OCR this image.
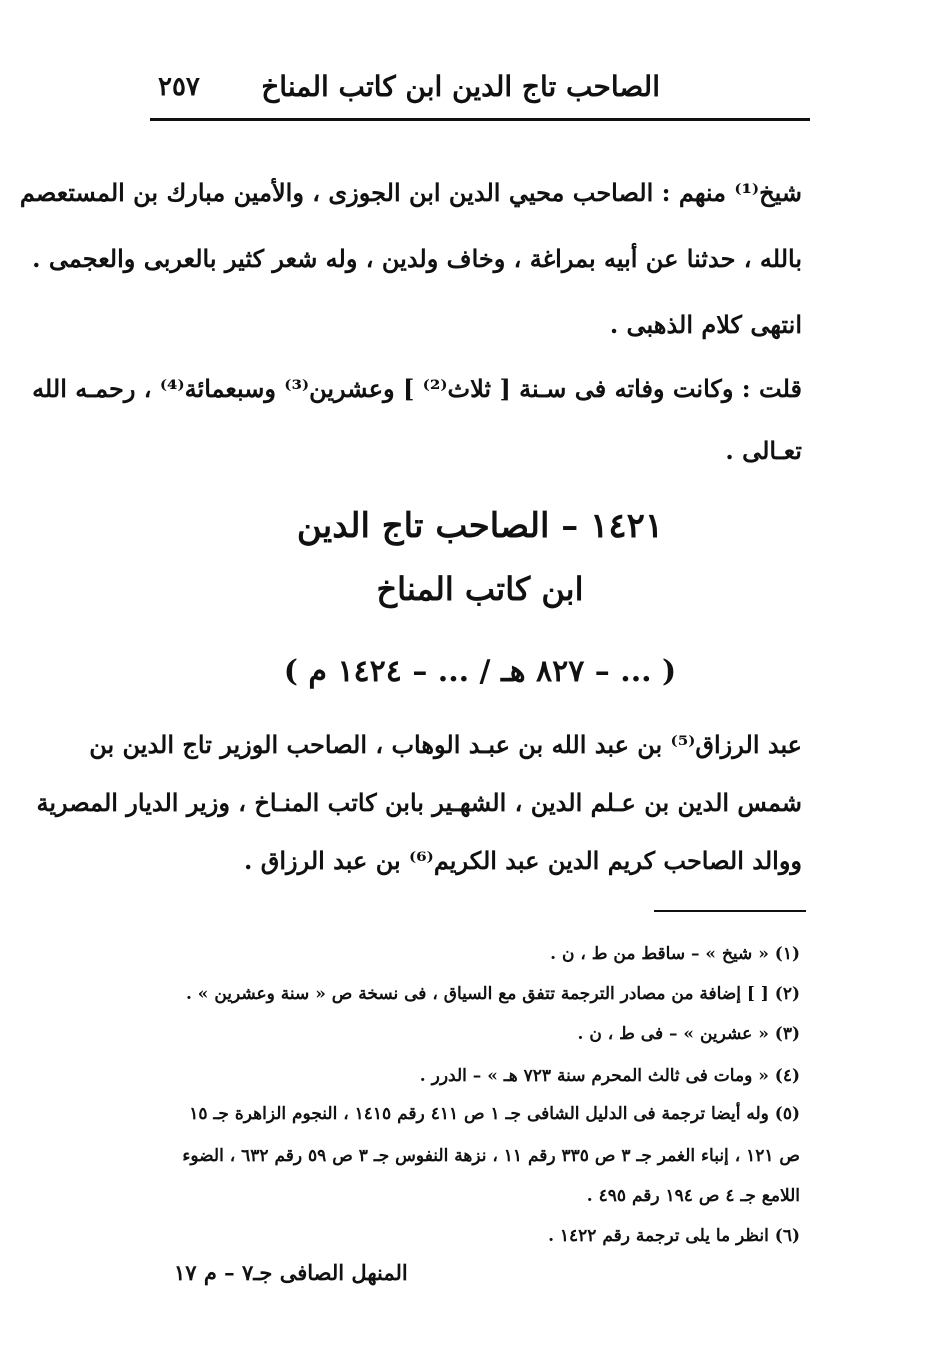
الصاحب تاج الدين ابن كاتب المناخ
٢٥٧
شيخ⁽¹⁾ منهم : الصاحب محيي الدين ابن الجوزى ، والأمين مبارك بن المستعصم
بالله ، حدثنا عن أبيه بمراغة ، وخاف ولدين ، وله شعر كثير بالعربى والعجمى .
انتهى كلام الذهبى .
قلت : وكانت وفاته فى سـنة [ ثلاث⁽²⁾ ] وعشرين⁽³⁾ وسبعمائة⁽⁴⁾ ، رحمـه الله
تعـالى .
١٤٢١ – الصاحب تاج الدين
ابن كاتب المناخ
( ... – ٨٢٧ هـ / ... – ١٤٢٤ م )
عبد الرزاق⁽⁵⁾ بن عبد الله بن عبـد الوهاب ، الصاحب الوزير تاج الدين بن
شمس الدين بن عـلم الدين ، الشهـير بابن كاتب المنـاخ ، وزير الديار المصرية
ووالد الصاحب كريم الدين عبد الكريم⁽⁶⁾ بن عبد الرزاق .
(١) « شيخ » – ساقط من ط ، ن .
(٢) [ ] إضافة من مصادر الترجمة تتفق مع السياق ، فى نسخة ص « سنة وعشرين » .
(٣) « عشرين » – فى ط ، ن .
(٤) « ومات فى ثالث المحرم سنة ٧٢٣ هـ » – الدرر .
(٥) وله أيضا ترجمة فى الدليل الشافى جـ ١ ص ٤١١ رقم ١٤١٥ ، النجوم الزاهرة جـ ١٥
ص ١٢١ ، إنباء الغمر جـ ٣ ص ٣٣٥ رقم ١١ ، نزهة النفوس جـ ٣ ص ٥٩ رقم ٦٣٢ ، الضوء
اللامع جـ ٤ ص ١٩٤ رقم ٤٩٥ .
(٦) انظر ما يلى ترجمة رقم ١٤٢٢ .
المنهل الصافى جـ٧ – م ١٧
